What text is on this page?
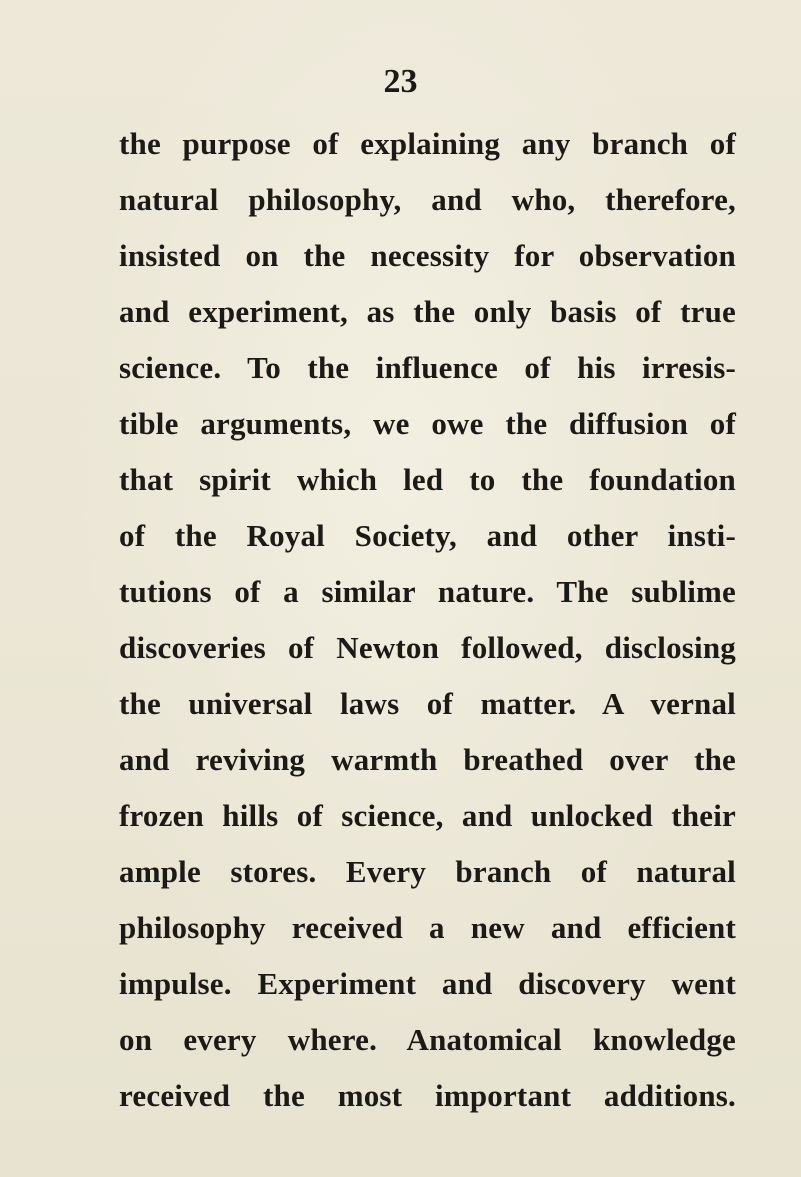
23
the purpose of explaining any branch of
natural philosophy, and who, therefore,
insisted on the necessity for observation
and experiment, as the only basis of true
science. To the influence of his irresis-
tible arguments, we owe the diffusion of
that spirit which led to the foundation
of the Royal Society, and other insti-
tutions of a similar nature. The sublime
discoveries of Newton followed, disclosing
the universal laws of matter. A vernal
and reviving warmth breathed over the
frozen hills of science, and unlocked their
ample stores. Every branch of natural
philosophy received a new and efficient
impulse. Experiment and discovery went
on every where. Anatomical knowledge
received the most important additions.
